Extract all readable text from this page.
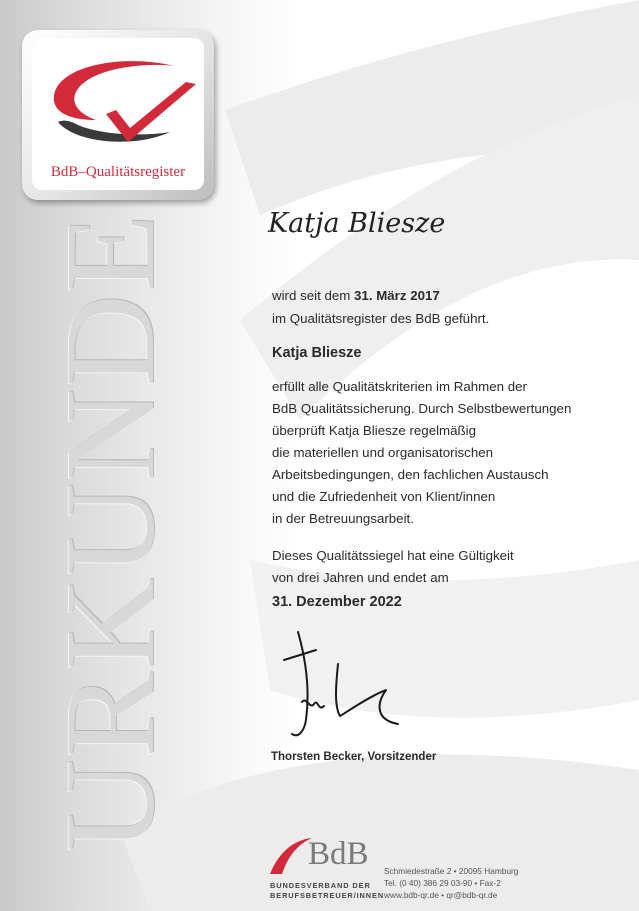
URKUNDE
BdB–Qualitätsregister
Katja Bliesze
wird seit dem 31. März 2017
im Qualitätsregister des BdB geführt.
Katja Bliesze
erfüllt alle Qualitätskriterien im Rahmen der
BdB Qualitätssicherung. Durch Selbstbewertungen
überprüft Katja Bliesze regelmäßig
die materiellen und organisatorischen
Arbeitsbedingungen, den fachlichen Austausch
und die Zufriedenheit von Klient/innen
in der Betreuungsarbeit.
Dieses Qualitätssiegel hat eine Gültigkeit
von drei Jahren und endet am
31. Dezember 2022
Thorsten Becker, Vorsitzender
BdB
BUNDESVERBAND DER
BERUFSBETREUER/INNEN
Schmiedestraße 2 • 20095 Hamburg
Tel. (0 40) 386 29 03-90 • Fax-2
www.bdb-qr.de • qr@bdb-qr.de
